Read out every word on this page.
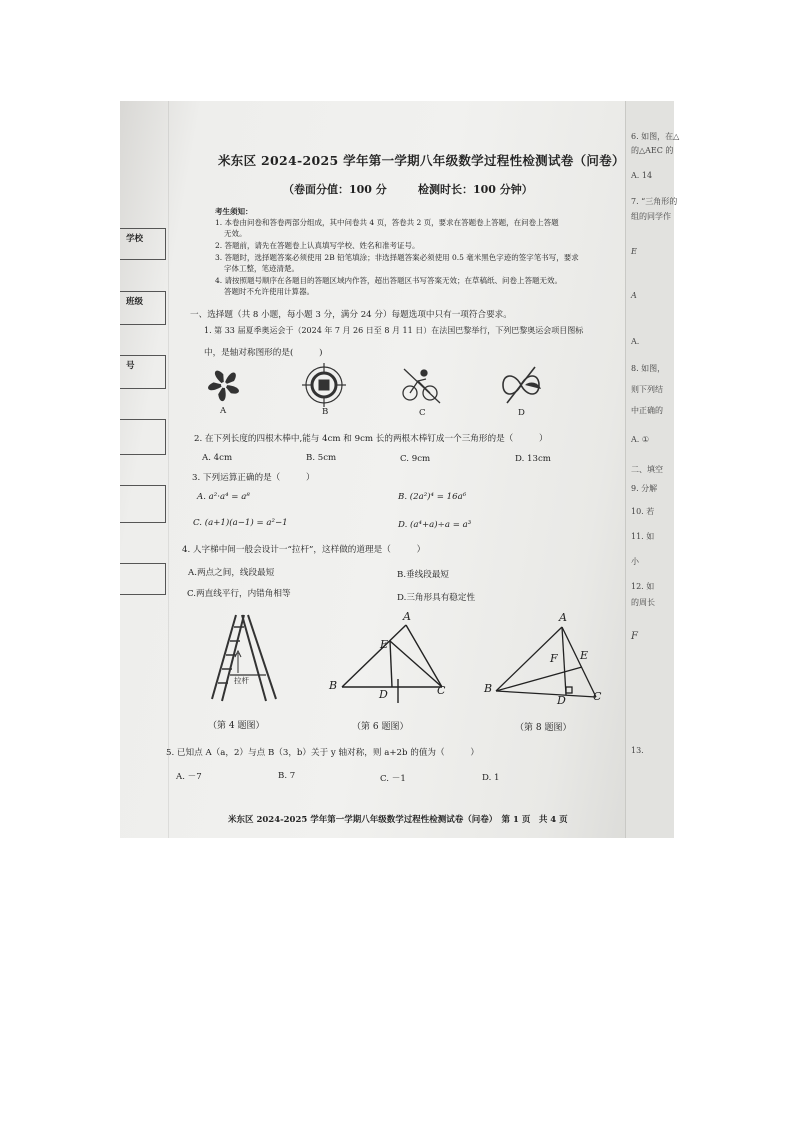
学校
班级
号
米东区 2024-2025 学年第一学期八年级数学过程性检测试卷（问卷）
（卷面分值：100 分	检测时长：100 分钟）
考生须知：
1. 本卷由问卷和答卷两部分组成，其中问卷共 4 页，答卷共 2 页，要求在答题卷上答题，在问卷上答题
无效。
2. 答题前，请先在答题卷上认真填写学校、姓名和准考证号。
3. 答题时，选择题答案必须使用 2B 铅笔填涂；非选择题答案必须使用 0.5 毫米黑色字迹的签字笔书写，要求
字体工整，笔迹清楚。
4. 请按照题号顺序在各题目的答题区域内作答，超出答题区书写答案无效；在草稿纸、问卷上答题无效。
答题时不允许使用计算器。
一、选择题（共 8 小题，每小题 3 分，满分 24 分）每题选项中只有一项符合要求。
1. 第 33 届夏季奥运会于（2024 年 7 月 26 日至 8 月 11 日）在法国巴黎举行，下列巴黎奥运会项目图标
中，是轴对称图形的是(　　　)
A	B	C	D
2. 在下列长度的四根木棒中,能与 4cm 和 9cm 长的两根木棒钉成一个三角形的是（　　　）
A. 4cm	B. 5cm	C. 9cm	D. 13cm
3. 下列运算正确的是（　　　）
A. a²·a⁴ = a⁸	B. (2a²)⁴ = 16a⁶
C. (a+1)(a−1) = a²−1	D. (a⁴+a)÷a = a³
4. 人字梯中间一般会设计一“拉杆”，这样做的道理是（　　　）
A.两点之间，线段最短	B.垂线段最短
C.两直线平行，内错角相等	D.三角形具有稳定性
拉杆
（第 4 题图）
A
E
B
D	C
（第 6 题图）
A
F E
B
D C
（第 8 题图）
5. 已知点 A（a，2）与点 B（3，b）关于 y 轴对称，则 a+2b 的值为（　　　）
A. －7	B. 7	C. －1	D. 1
米东区 2024-2025 学年第一学期八年级数学过程性检测试卷（问卷）　第 1 页　共 4 页
6. 如图，在△
的△AEC 的
A. 14
7. “三角形的
组的同学作
E
A
A.
8. 如图，
则下列结
中正确的
A. ①
二、填空
9. 分解
10. 若
11. 如
小
12. 如
的周长
F
13.
